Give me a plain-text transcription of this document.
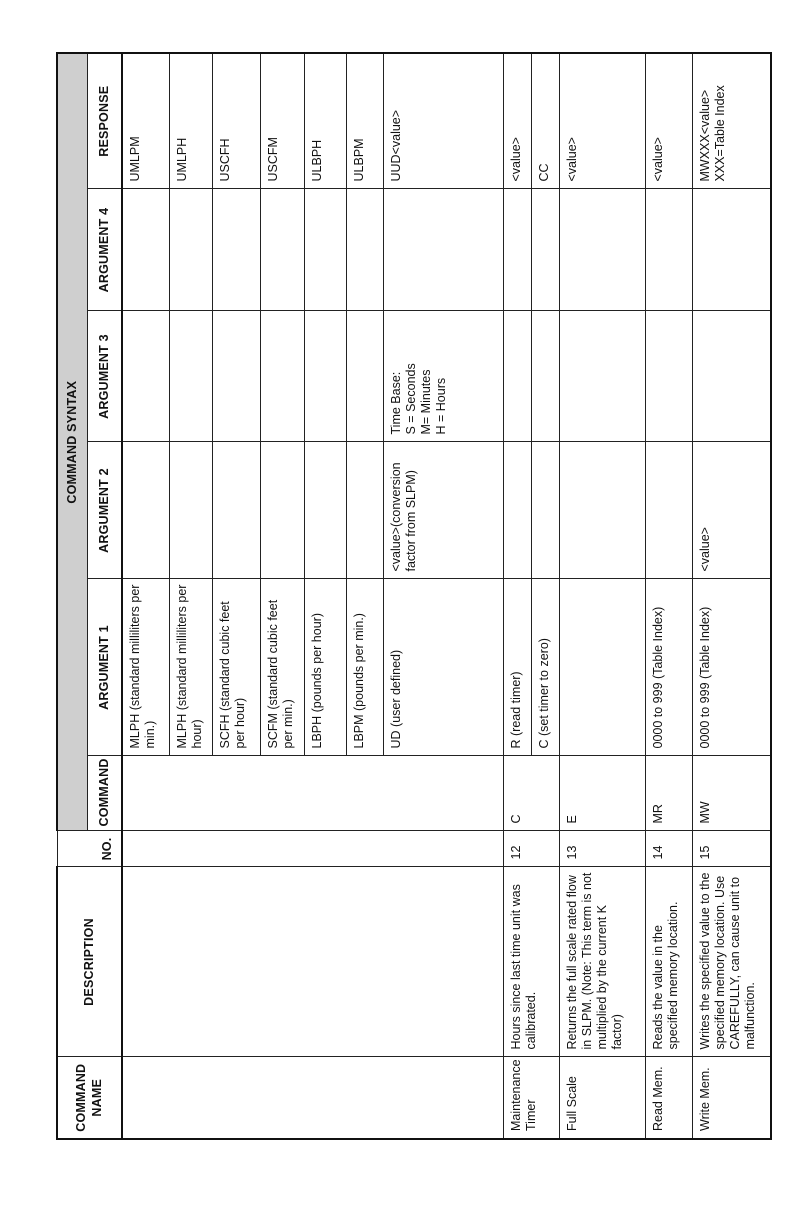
COMMAND NAME	DESCRIPTION	NO.	COMMAND SYNTAX					
			COMMAND	ARGUMENT 1	ARGUMENT 2	ARGUMENT 3	ARGUMENT 4	RESPONSE
				MLPH (standard milliliters per min.)				UMLPM
				MLPH (standard milliliters per hour)				UMLPH
				SCFH (standard cubic feet per hour)				USCFH
				SCFM (standard cubic feet per min.)				USCFM
				LBPH (pounds per hour)				ULBPH
				LBPM (pounds per min.)				ULBPM
				UD (user defined)	<value>(conversion factor from SLPM)	Time Base:
S = Seconds
M= Minutes
H = Hours		UUD<value>
Maintenance Timer	Hours since last time unit was calibrated.	12	C	R (read timer)				<value>
				C (set timer to zero)				CC
Full Scale	Returns the full scale rated flow in SLPM. (Note: This term is not multiplied by the current K factor)	13	E					<value>
Read Mem.	Reads the value in the specified memory location.	14	MR	0000 to 999 (Table Index)				<value>
Write Mem.	Writes the specified value to the specified memory location. Use CAREFULLY, can cause unit to malfunction.	15	MW	0000 to 999 (Table Index)	<value>			MWXXX<value>
XXX=Table Index
